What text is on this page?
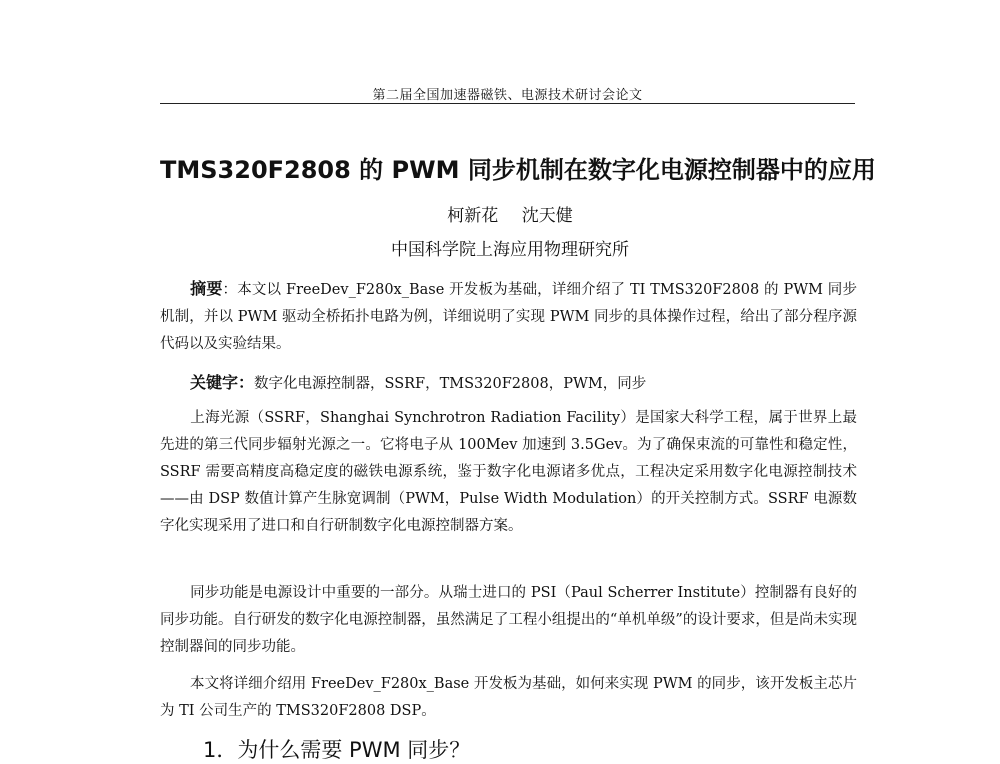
第二届全国加速器磁铁、电源技术研讨会论文
TMS320F2808 的 PWM 同步机制在数字化电源控制器中的应用
柯新花 沈天健
中国科学院上海应用物理研究所
摘要：本文以 FreeDev_F280x_Base 开发板为基础，详细介绍了 TI TMS320F2808 的 PWM 同步机制，并以 PWM 驱动全桥拓扑电路为例，详细说明了实现 PWM 同步的具体操作过程，给出了部分程序源代码以及实验结果。
关键字：数字化电源控制器，SSRF，TMS320F2808，PWM，同步
上海光源（SSRF，Shanghai Synchrotron Radiation Facility）是国家大科学工程，属于世界上最先进的第三代同步辐射光源之一。它将电子从 100Mev 加速到 3.5Gev。为了确保束流的可靠性和稳定性，SSRF 需要高精度高稳定度的磁铁电源系统，鉴于数字化电源诸多优点，工程决定采用数字化电源控制技术——由 DSP 数值计算产生脉宽调制（PWM，Pulse Width Modulation）的开关控制方式。SSRF 电源数字化实现采用了进口和自行研制数字化电源控制器方案。
同步功能是电源设计中重要的一部分。从瑞士进口的 PSI（Paul Scherrer Institute）控制器有良好的同步功能。自行研发的数字化电源控制器，虽然满足了工程小组提出的“单机单级”的设计要求，但是尚未实现控制器间的同步功能。
本文将详细介绍用 FreeDev_F280x_Base 开发板为基础，如何来实现 PWM 的同步，该开发板主芯片为 TI 公司生产的 TMS320F2808 DSP。
1．为什么需要 PWM 同步？
